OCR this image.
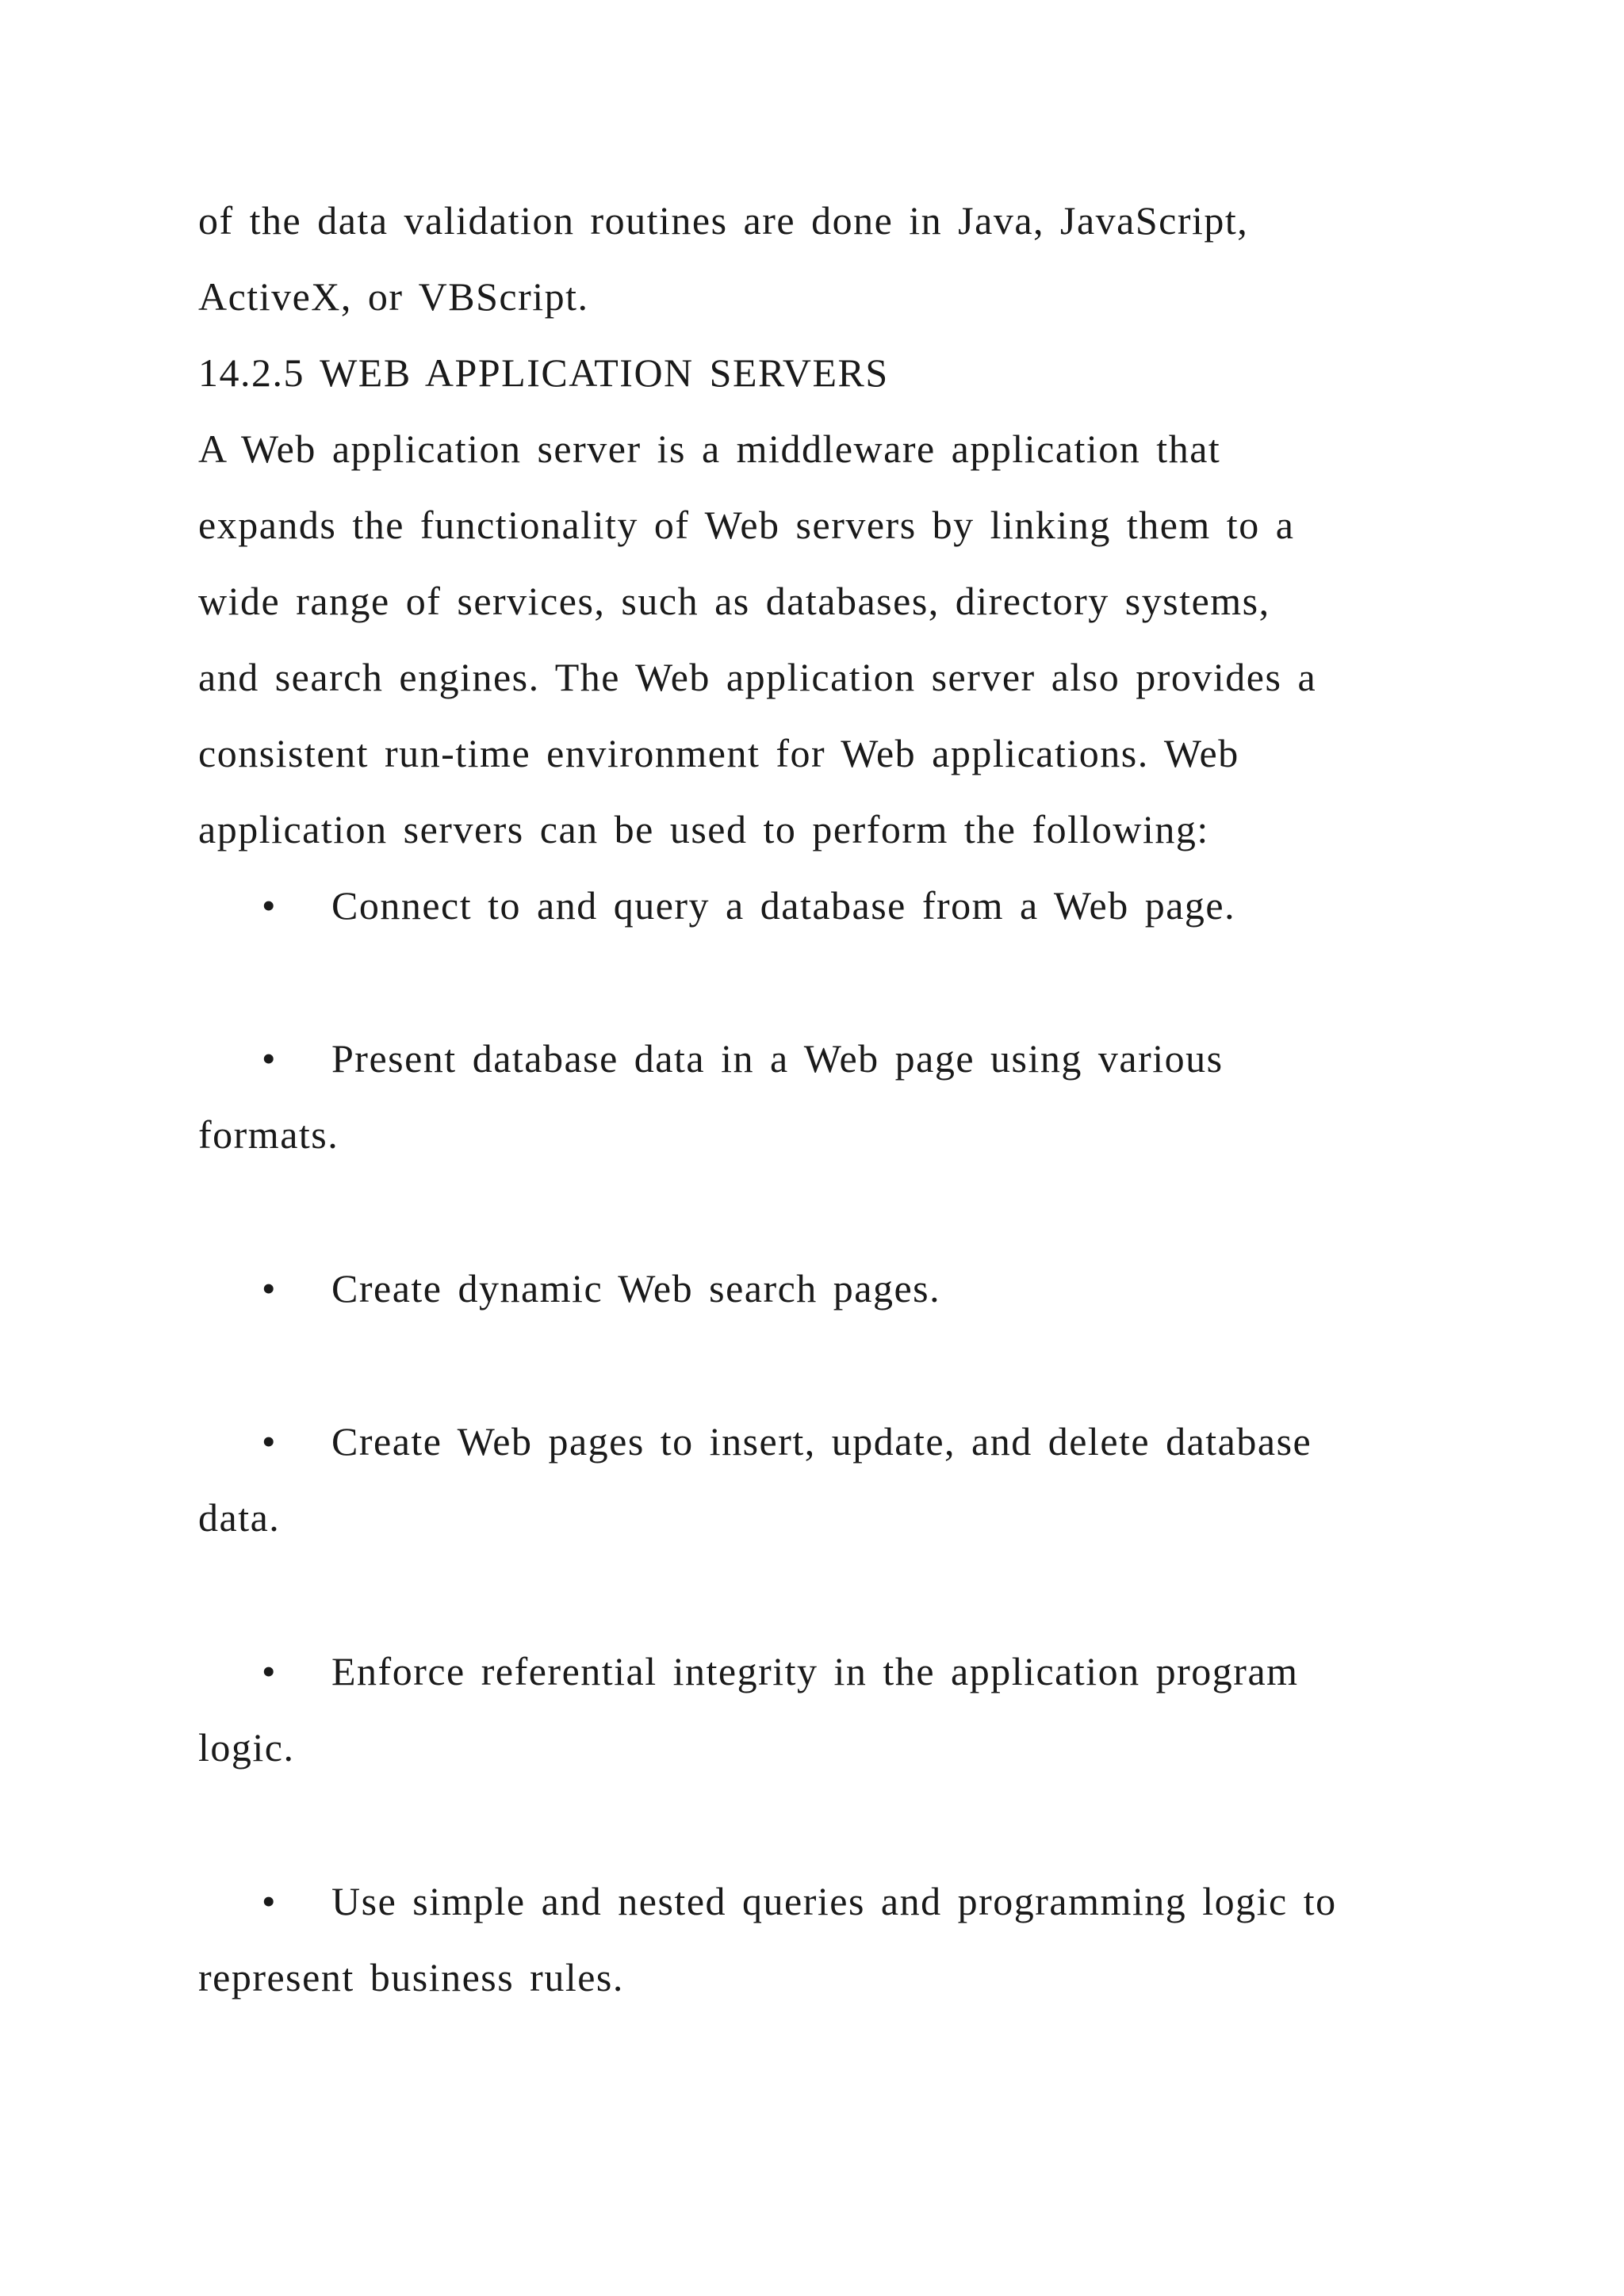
of the data validation routines are done in Java, JavaScript,
ActiveX, or VBScript.
14.2.5 WEB APPLICATION SERVERS
A Web application server is a middleware application that
expands the functionality of Web servers by linking them to a
wide range of services, such as databases, directory systems,
and search engines. The Web application server also provides a
consistent run-time environment for Web applications. Web
application servers can be used to perform the following:
• Connect to and query a database from a Web page.
• Present database data in a Web page using various
formats.
• Create dynamic Web search pages.
• Create Web pages to insert, update, and delete database
data.
• Enforce referential integrity in the application program
logic.
• Use simple and nested queries and programming logic to
represent business rules.
